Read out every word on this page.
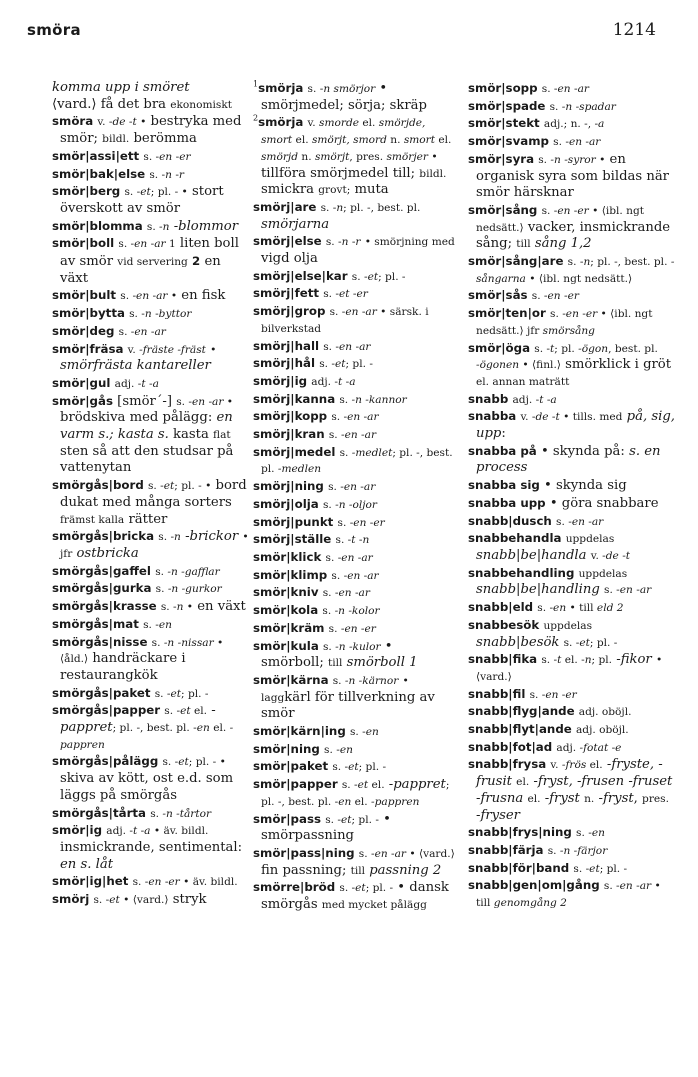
smöra	1214

komma upp i smöret

⟨vard.⟩ få det bra ekonomiskt

smöra v. -de -t • bestryka med smör; bildl. berömma

smör|assi|ett s. -en -er

smör|bak|else s. -n -r

smör|berg s. -et; pl. - • stort överskott av smör

smör|blomma s. -n -blommor

smör|boll s. -en -ar 1 liten boll av smör vid servering 2 en växt

smör|bult s. -en -ar • en fisk

smör|bytta s. -n -byttor

smör|deg s. -en -ar

smör|fräsa v. -fräste -fräst • smörfrästa kantareller

smör|gul adj. -t -a

smör|gås [smör´-] s. -en -ar • brödskiva med pålägg: en varm s.; kasta s. kasta flat sten så att den studsar på vattenytan

smörgås|bord s. -et; pl. - • bord dukat med många sorters främst kalla rätter

smörgås|bricka s. -n -brickor • jfr ostbricka

smörgås|gaffel s. -n -gafflar

smörgås|gurka s. -n -gurkor

smörgås|krasse s. -n • en växt

smörgås|mat s. -en

smörgås|nisse s. -n -nissar • ⟨åld.⟩ handräckare i restaurangkök

smörgås|paket s. -et; pl. -

smörgås|papper s. -et el. -pappret; pl. -, best. pl. -en el. -pappren

smörgås|pålägg s. -et; pl. - • skiva av kött, ost e.d. som läggs på smörgås

smörgås|tårta s. -n -tårtor

smör|ig adj. -t -a • äv. bildl. insmickrande, sentimental: en s. låt

smör|ig|het s. -en -er • äv. bildl.

smörj s. -et • ⟨vard.⟩ stryk

$^1$smörja s. -n smörjor • smörjmedel; sörja; skräp

$^2$smörja v. smorde el. smörjde, smort el. smörjt, smord n. smort el. smörjd n. smörjt, pres. smörjer • tillföra smörjmedel till; bildl. smickra grovt; muta

smörj|are s. -n; pl. -, best. pl. smörjarna

smörj|else s. -n -r • smörjning med vigd olja

smörj|else|kar s. -et; pl. -

smörj|fett s. -et -er

smörj|grop s. -en -ar • särsk. i bilverkstad

smörj|hall s. -en -ar

smörj|hål s. -et; pl. -

smörj|ig adj. -t -a

smörj|kanna s. -n -kannor

smörj|kopp s. -en -ar

smörj|kran s. -en -ar

smörj|medel s. -medlet; pl. -, best. pl. -medlen

smörj|ning s. -en -ar

smörj|olja s. -n -oljor

smörj|punkt s. -en -er

smörj|ställe s. -t -n

smör|klick s. -en -ar

smör|klimp s. -en -ar

smör|kniv s. -en -ar

smör|kola s. -n -kolor

smör|kräm s. -en -er

smör|kula s. -n -kulor • smörboll; till smörboll 1

smör|kärna s. -n -kärnor • laggkärl för tillverkning av smör

smör|kärn|ing s. -en

smör|ning s. -en

smör|paket s. -et; pl. -

smör|papper s. -et el. -pappret; pl. -, best. pl. -en el. -pappren

smör|pass s. -et; pl. - • smörpassning

smör|pass|ning s. -en -ar • ⟨vard.⟩ fin passning; till passning 2

smörre|bröd s. -et; pl. - • dansk smörgås med mycket pålägg

smör|sopp s. -en -ar

smör|spade s. -n -spadar

smör|stekt adj.; n. -, -a

smör|svamp s. -en -ar

smör|syra s. -n -syror • en organisk syra som bildas när smör härsknar

smör|sång s. -en -er • ⟨ibl. ngt nedsätt.⟩ vacker, insmickrande sång; till sång 1,2

smör|sång|are s. -n; pl. -, best. pl. -sångarna • ⟨ibl. ngt nedsätt.⟩

smör|sås s. -en -er

smör|ten|or s. -en -er • ⟨ibl. ngt nedsätt.⟩ jfr smörsång

smör|öga s. -t; pl. -ögon, best. pl. -ögonen • ⟨finl.⟩ smörklick i gröt el. annan maträtt

snabb adj. -t -a

snabba v. -de -t • tills. med på, sig, upp:

snabba på • skynda på: s. en process

snabba sig • skynda sig

snabba upp • göra snabbare

snabb|dusch s. -en -ar

snabbehandla uppdelas snabb|be|handla v. -de -t

snabbehandling uppdelas snabb|be|handling s. -en -ar

snabb|eld s. -en • till eld 2

snabbesök uppdelas snabb|besök s. -et; pl. -

snabb|fika s. -t el. -n; pl. -fikor • ⟨vard.⟩

snabb|fil s. -en -er

snabb|flyg|ande adj. oböjl.

snabb|flyt|ande adj. oböjl.

snabb|fot|ad adj. -fotat -e

snabb|frysa v. -frös el. -fryste, -frusit el. -fryst, -frusen -fruset -frusna el. -fryst n. -fryst, pres. -fryser

snabb|frys|ning s. -en

snabb|färja s. -n -färjor

snabb|för|band s. -et; pl. -

snabb|gen|om|gång s. -en -ar • till genomgång 2
